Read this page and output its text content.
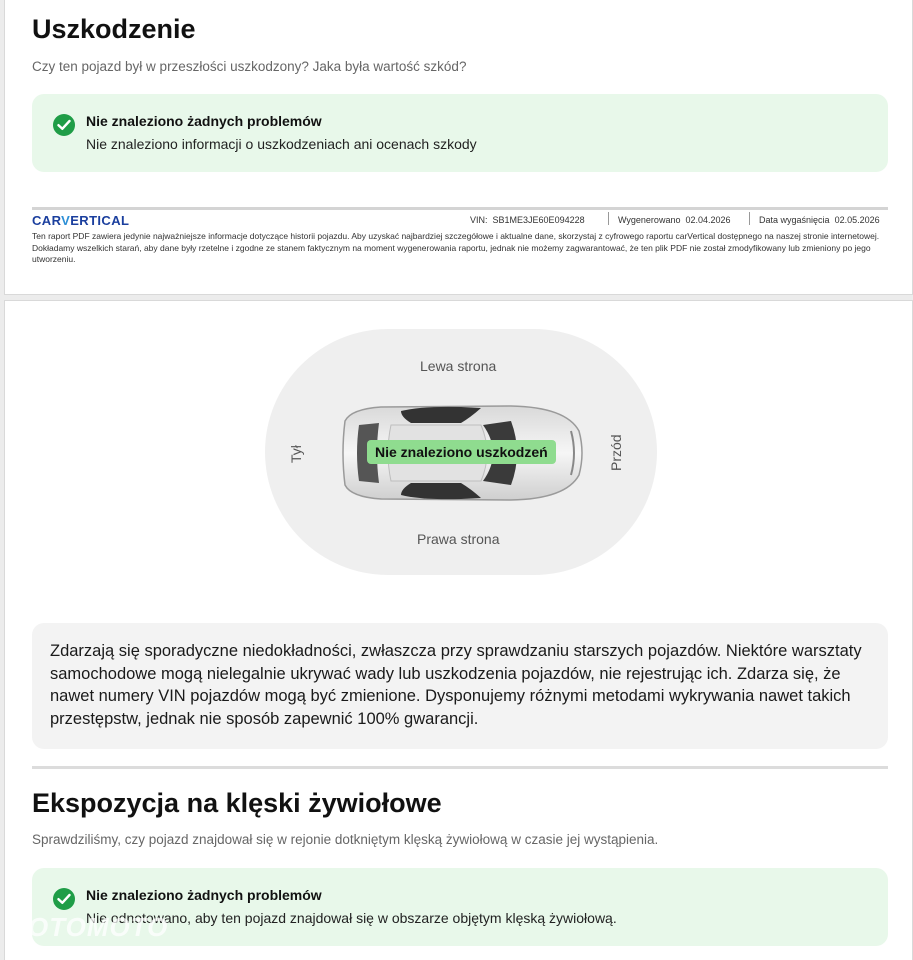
Uszkodzenie
Czy ten pojazd był w przeszłości uszkodzony? Jaka była wartość szkód?
Nie znaleziono żadnych problemów
Nie znaleziono informacji o uszkodzeniach ani ocenach szkody
CARVERTICAL	VIN: SB1ME3JE60E094228	Wygenerowano 02.04.2026	Data wygaśnięcia 02.05.2026
Ten raport PDF zawiera jedynie najważniejsze informacje dotyczące historii pojazdu. Aby uzyskać najbardziej szczegółowe i aktualne dane, skorzystaj z cyfrowego raportu carVertical dostępnego na naszej stronie internetowej. Dokładamy wszelkich starań, aby dane były rzetelne i zgodne ze stanem faktycznym na moment wygenerowania raportu, jednak nie możemy zagwarantować, że ten plik PDF nie został zmodyfikowany lub zmieniony po jego utworzeniu.
Lewa strona
Prawa strona
Tył	Przód
Nie znaleziono uszkodzeń
Zdarzają się sporadyczne niedokładności, zwłaszcza przy sprawdzaniu starszych pojazdów. Niektóre warsztaty samochodowe mogą nielegalnie ukrywać wady lub uszkodzenia pojazdów, nie rejestrując ich. Zdarza się, że nawet numery VIN pojazdów mogą być zmienione. Dysponujemy różnymi metodami wykrywania nawet takich przestępstw, jednak nie sposób zapewnić 100% gwarancji.
Ekspozycja na klęski żywiołowe
Sprawdziliśmy, czy pojazd znajdował się w rejonie dotkniętym klęską żywiołową w czasie jej wystąpienia.
Nie znaleziono żadnych problemów
Nie odnotowano, aby ten pojazd znajdował się w obszarze objętym klęską żywiołową.
OTOMOTO
